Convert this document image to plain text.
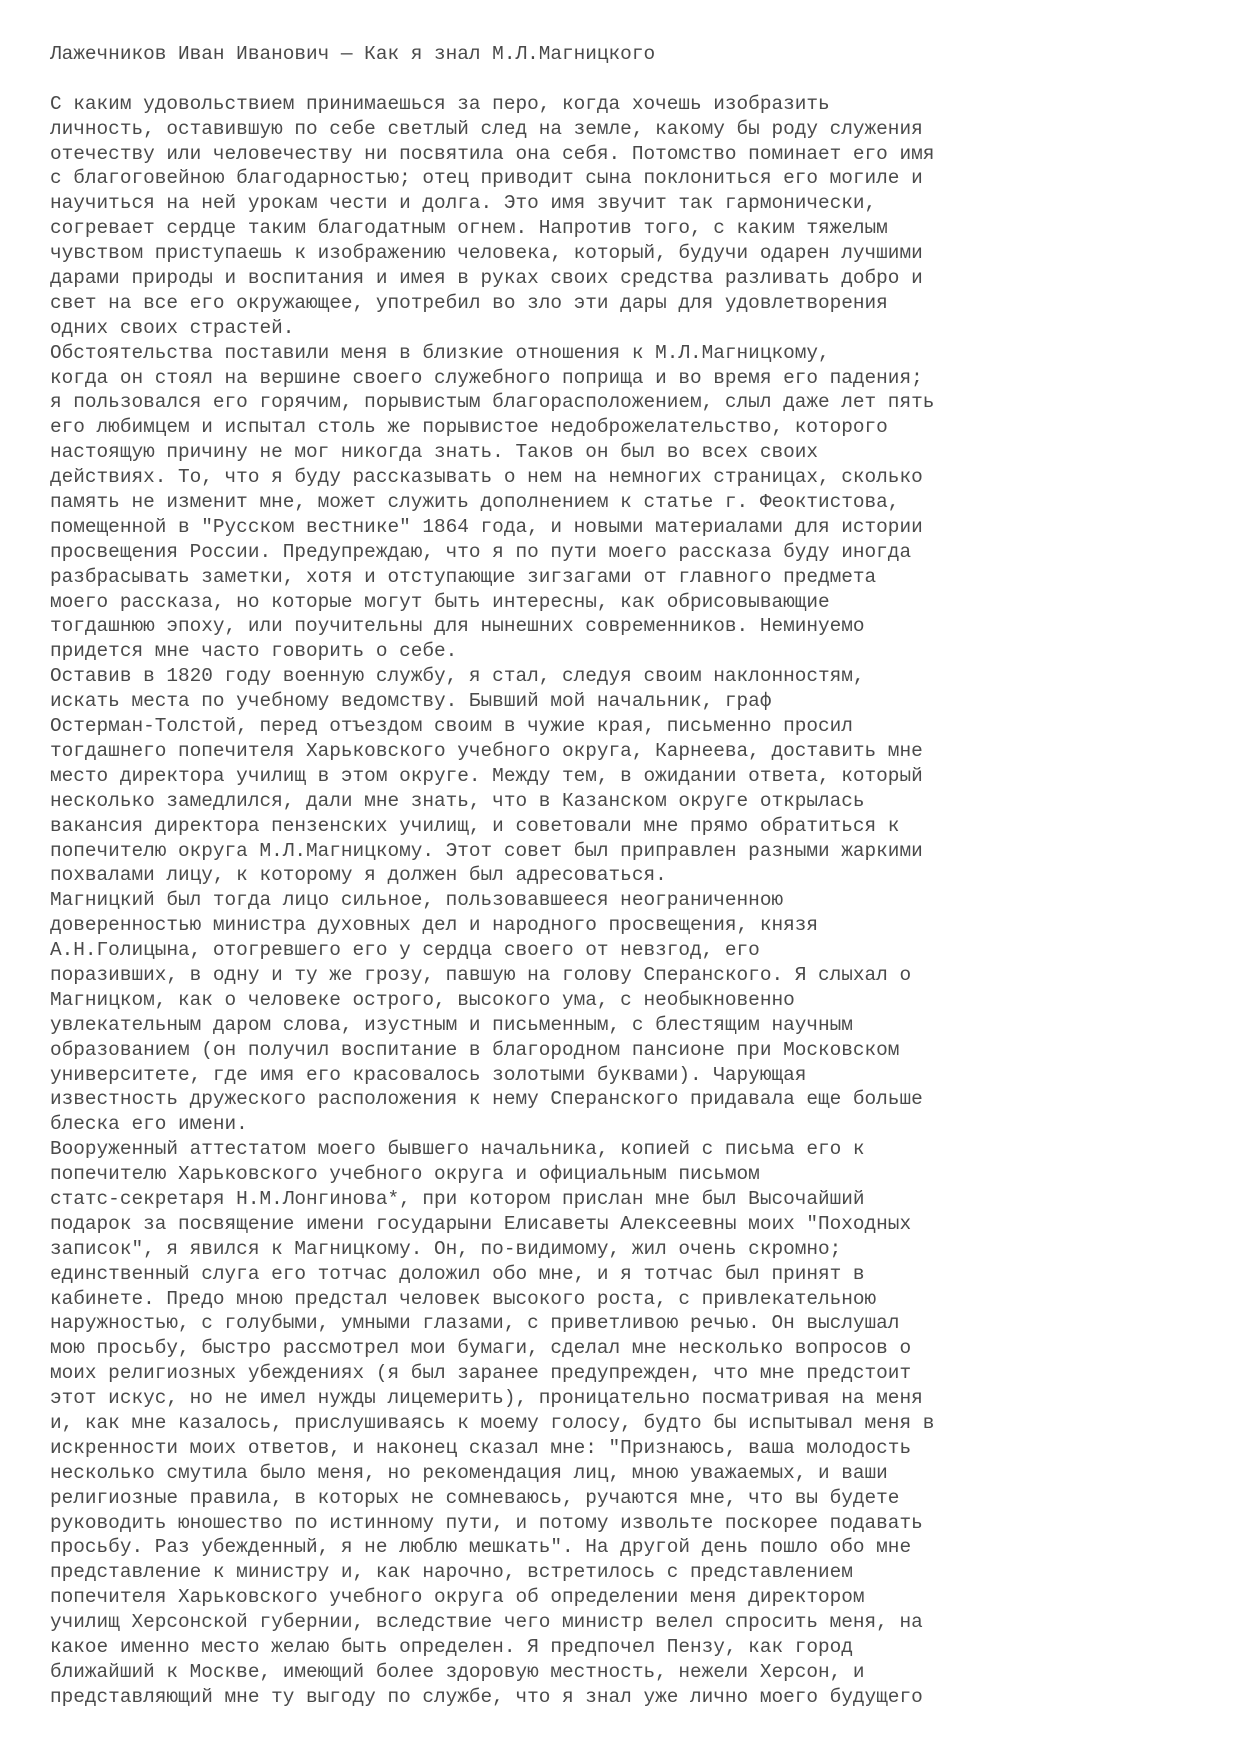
Лажечников Иван Иванович — Как я знал М.Л.Магницкого
С каким удовольствием принимаешься за перо, когда хочешь изобразить
личность, оставившую по себе светлый след на земле, какому бы роду служения
отечеству или человечеству ни посвятила она себя. Потомство поминает его имя
с благоговейною благодарностью; отец приводит сына поклониться его могиле и
научиться на ней урокам чести и долга. Это имя звучит так гармонически,
согревает сердце таким благодатным огнем. Напротив того, с каким тяжелым
чувством приступаешь к изображению человека, который, будучи одарен лучшими
дарами природы и воспитания и имея в руках своих средства разливать добро и
свет на все его окружающее, употребил во зло эти дары для удовлетворения
одних своих страстей.
Обстоятельства поставили меня в близкие отношения к М.Л.Магницкому,
когда он стоял на вершине своего служебного поприща и во время его падения;
я пользовался его горячим, порывистым благорасположением, слыл даже лет пять
его любимцем и испытал столь же порывистое недоброжелательство, которого
настоящую причину не мог никогда знать. Таков он был во всех своих
действиях. То, что я буду рассказывать о нем на немногих страницах, сколько
память не изменит мне, может служить дополнением к статье г. Феоктистова,
помещенной в "Русском вестнике" 1864 года, и новыми материалами для истории
просвещения России. Предупреждаю, что я по пути моего рассказа буду иногда
разбрасывать заметки, хотя и отступающие зигзагами от главного предмета
моего рассказа, но которые могут быть интересны, как обрисовывающие
тогдашнюю эпоху, или поучительны для нынешних современников. Неминуемо
придется мне часто говорить о себе.
Оставив в 1820 году военную службу, я стал, следуя своим наклонностям,
искать места по учебному ведомству. Бывший мой начальник, граф
Остерман-Толстой, перед отъездом своим в чужие края, письменно просил
тогдашнего попечителя Харьковского учебного округа, Карнеева, доставить мне
место директора училищ в этом округе. Между тем, в ожидании ответа, который
несколько замедлился, дали мне знать, что в Казанском округе открылась
вакансия директора пензенских училищ, и советовали мне прямо обратиться к
попечителю округа М.Л.Магницкому. Этот совет был приправлен разными жаркими
похвалами лицу, к которому я должен был адресоваться.
Магницкий был тогда лицо сильное, пользовавшееся неограниченною
доверенностью министра духовных дел и народного просвещения, князя
А.Н.Голицына, отогревшего его у сердца своего от невзгод, его
поразивших, в одну и ту же грозу, павшую на голову Сперанского. Я слыхал о
Магницком, как о человеке острого, высокого ума, с необыкновенно
увлекательным даром слова, изустным и письменным, с блестящим научным
образованием (он получил воспитание в благородном пансионе при Московском
университете, где имя его красовалось золотыми буквами). Чарующая
известность дружеского расположения к нему Сперанского придавала еще больше
блеска его имени.
Вооруженный аттестатом моего бывшего начальника, копией с письма его к
попечителю Харьковского учебного округа и официальным письмом
статс-секретаря Н.М.Лонгинова*, при котором прислан мне был Высочайший
подарок за посвящение имени государыни Елисаветы Алексеевны моих "Походных
записок", я явился к Магницкому. Он, по-видимому, жил очень скромно;
единственный слуга его тотчас доложил обо мне, и я тотчас был принят в
кабинете. Предо мною предстал человек высокого роста, с привлекательною
наружностью, с голубыми, умными глазами, с приветливою речью. Он выслушал
мою просьбу, быстро рассмотрел мои бумаги, сделал мне несколько вопросов о
моих религиозных убеждениях (я был заранее предупрежден, что мне предстоит
этот искус, но не имел нужды лицемерить), проницательно посматривая на меня
и, как мне казалось, прислушиваясь к моему голосу, будто бы испытывал меня в
искренности моих ответов, и наконец сказал мне: "Признаюсь, ваша молодость
несколько смутила было меня, но рекомендация лиц, мною уважаемых, и ваши
религиозные правила, в которых не сомневаюсь, ручаются мне, что вы будете
руководить юношество по истинному пути, и потому извольте поскорее подавать
просьбу. Раз убежденный, я не люблю мешкать". На другой день пошло обо мне
представление к министру и, как нарочно, встретилось с представлением
попечителя Харьковского учебного округа об определении меня директором
училищ Херсонской губернии, вследствие чего министр велел спросить меня, на
какое именно место желаю быть определен. Я предпочел Пензу, как город
ближайший к Москве, имеющий более здоровую местность, нежели Херсон, и
представляющий мне ту выгоду по службе, что я знал уже лично моего будущего
